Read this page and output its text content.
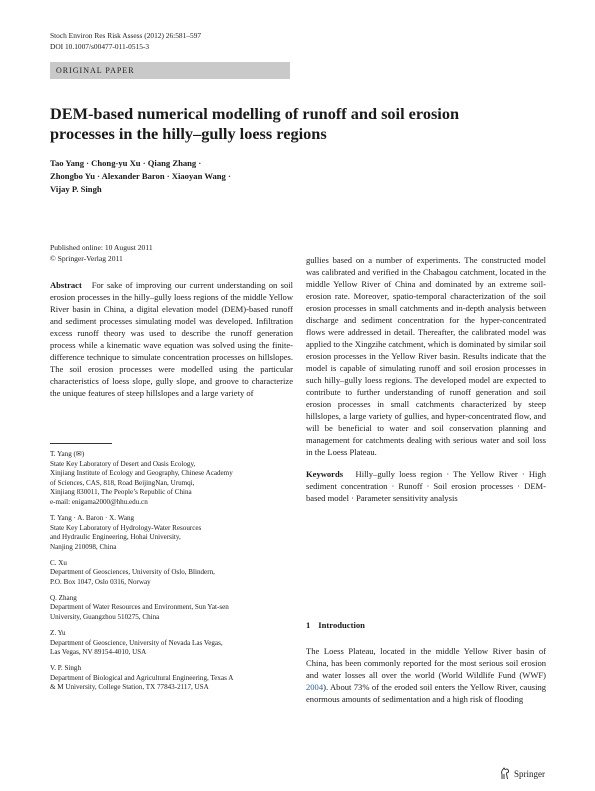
Stoch Environ Res Risk Assess (2012) 26:581–597
DOI 10.1007/s00477-011-0515-3
ORIGINAL PAPER
DEM-based numerical modelling of runoff and soil erosion processes in the hilly–gully loess regions
Tao Yang · Chong-yu Xu · Qiang Zhang ·
Zhongbo Yu · Alexander Baron · Xiaoyan Wang ·
Vijay P. Singh
Published online: 10 August 2011
© Springer-Verlag 2011
Abstract For sake of improving our current understanding on soil erosion processes in the hilly–gully loess regions of the middle Yellow River basin in China, a digital elevation model (DEM)-based runoff and sediment processes simulating model was developed. Infiltration excess runoff theory was used to describe the runoff generation process while a kinematic wave equation was solved using the finite-difference technique to simulate concentration processes on hillslopes. The soil erosion processes were modelled using the particular characteristics of loess slope, gully slope, and groove to characterize the unique features of steep hillslopes and a large variety of
T. Yang (✉)
State Key Laboratory of Desert and Oasis Ecology,
Xinjiang Institute of Ecology and Geography, Chinese Academy
of Sciences, CAS, 818, Road BeijingNan, Urumqi,
Xinjiang 830011, The People’s Republic of China
e-mail: enigama2000@hhu.edu.cn
T. Yang · A. Baron · X. Wang
State Key Laboratory of Hydrology-Water Resources
and Hydraulic Engineering, Hohai University,
Nanjing 210098, China
C. Xu
Department of Geosciences, University of Oslo, Blindern,
P.O. Box 1047, Oslo 0316, Norway
Q. Zhang
Department of Water Resources and Environment, Sun Yat-sen
University, Guangzhou 510275, China
Z. Yu
Department of Geoscience, University of Nevada Las Vegas,
Las Vegas, NV 89154-4010, USA
V. P. Singh
Department of Biological and Agricultural Engineering, Texas A
& M University, College Station, TX 77843-2117, USA
gullies based on a number of experiments. The constructed model was calibrated and verified in the Chabagou catchment, located in the middle Yellow River of China and dominated by an extreme soil-erosion rate. Moreover, spatio-temporal characterization of the soil erosion processes in small catchments and in-depth analysis between discharge and sediment concentration for the hyper-concentrated flows were addressed in detail. Thereafter, the calibrated model was applied to the Xingzihe catchment, which is dominated by similar soil erosion processes in the Yellow River basin. Results indicate that the model is capable of simulating runoff and soil erosion processes in such hilly–gully loess regions. The developed model are expected to contribute to further understanding of runoff generation and soil erosion processes in small catchments characterized by steep hillslopes, a large variety of gullies, and hyper-concentrated flow, and will be beneficial to water and soil conservation planning and management for catchments dealing with serious water and soil loss in the Loess Plateau.
Keywords Hilly–gully loess region · The Yellow River · High sediment concentration · Runoff · Soil erosion processes · DEM-based model · Parameter sensitivity analysis
1 Introduction
The Loess Plateau, located in the middle Yellow River basin of China, has been commonly reported for the most serious soil erosion and water losses all over the world (World Wildlife Fund (WWF) 2004). About 73% of the eroded soil enters the Yellow River, causing enormous amounts of sedimentation and a high risk of flooding
Springer
